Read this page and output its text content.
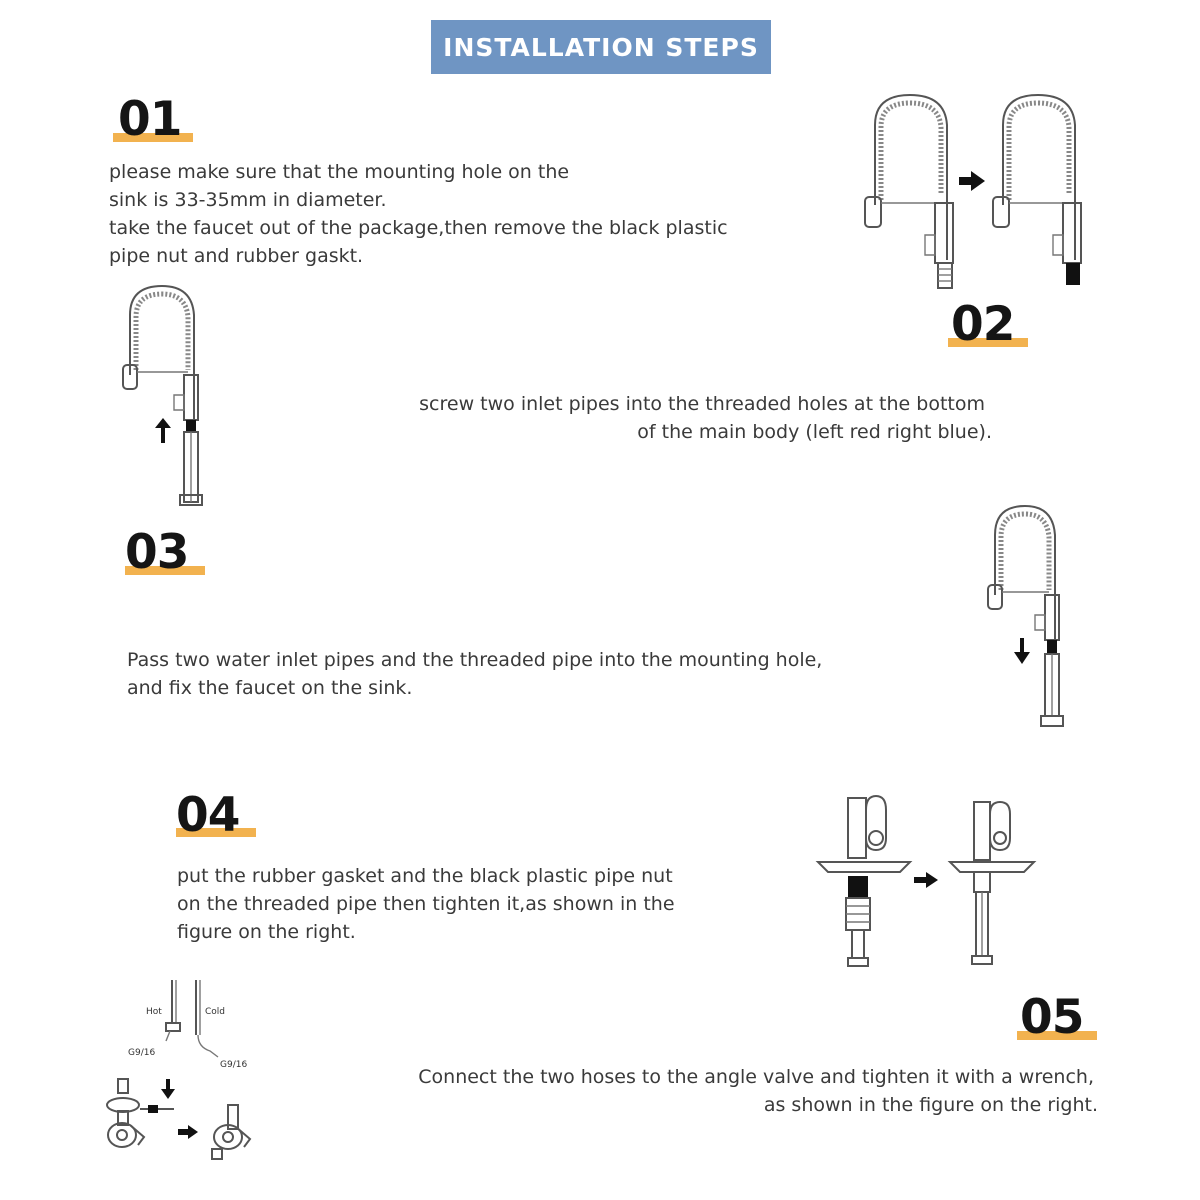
INSTALLATION STEPS
01

please make sure that the mounting hole on the

sink is 33-35mm in diameter.

take the faucet out of the package,then remove the black plastic

pipe nut and rubber gaskt.

02

screw two inlet pipes into the threaded holes at the bottom

of the main body (left red right blue).

03

Pass two water inlet pipes and the threaded pipe into the mounting hole,

and fix the faucet on the sink.

04

put the rubber gasket and the black plastic pipe nut

on the threaded pipe then tighten it,as shown in the

figure on the right.

05

Connect the two hoses to the angle valve and tighten it with a wrench,

as shown in the figure on the right.

Hot	Cold
G9/16
G9/16
